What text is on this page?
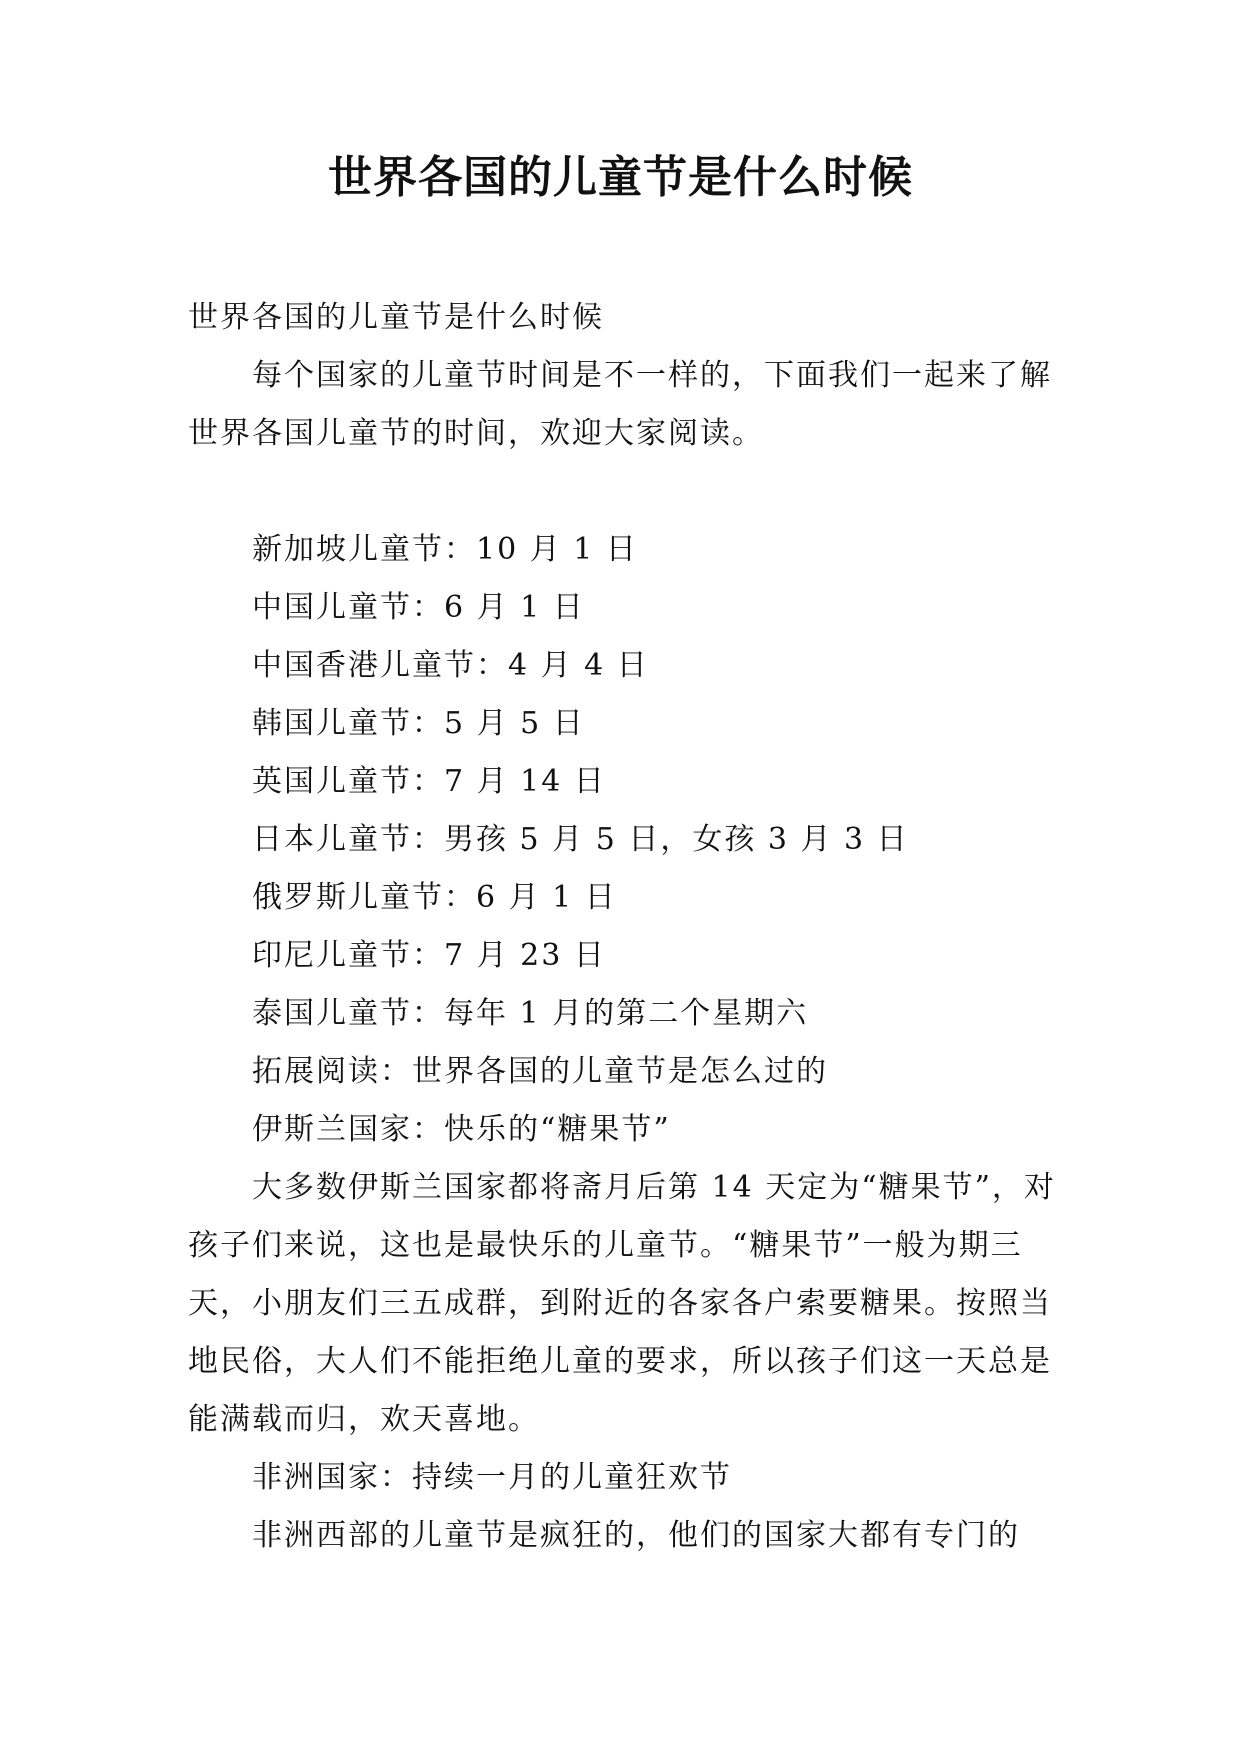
世界各国的儿童节是什么时候

世界各国的儿童节是什么时候

每个国家的儿童节时间是不一样的，下面我们一起来了解世界各国儿童节的时间，欢迎大家阅读。

新加坡儿童节：10 月 1 日

中国儿童节：6 月 1 日

中国香港儿童节：4 月 4 日

韩国儿童节：5 月 5 日

英国儿童节：7 月 14 日

日本儿童节：男孩 5 月 5 日，女孩 3 月 3 日

俄罗斯儿童节：6 月 1 日

印尼儿童节：7 月 23 日

泰国儿童节：每年 1 月的第二个星期六

拓展阅读：世界各国的儿童节是怎么过的

伊斯兰国家：快乐的“糖果节”

大多数伊斯兰国家都将斋月后第 14 天定为“糖果节”，对孩子们来说，这也是最快乐的儿童节。“糖果节”一般为期三天，小朋友们三五成群，到附近的各家各户索要糖果。按照当地民俗，大人们不能拒绝儿童的要求，所以孩子们这一天总是能满载而归，欢天喜地。

非洲国家：持续一月的儿童狂欢节

非洲西部的儿童节是疯狂的，他们的国家大都有专门的
